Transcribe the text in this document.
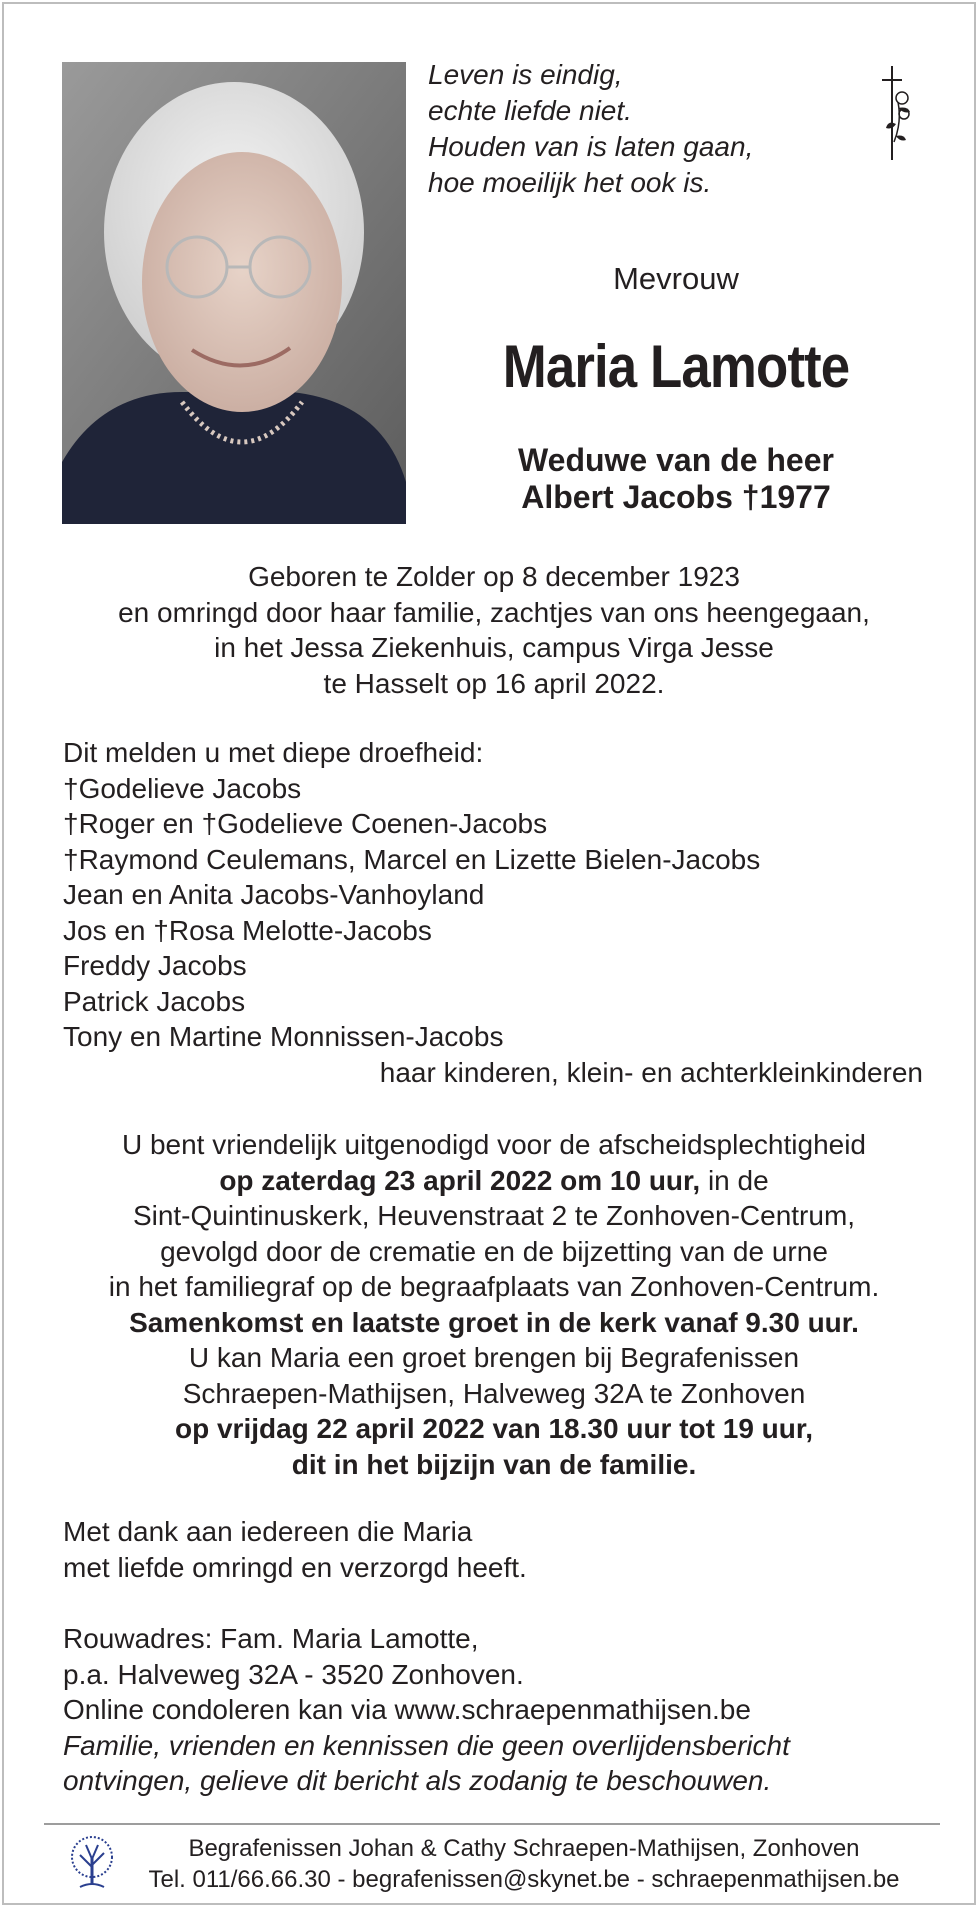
Leven is eindig,
echte liefde niet.
Houden van is laten gaan,
hoe moeilijk het ook is.
Mevrouw
Maria Lamotte
Weduwe van de heer
Albert Jacobs †1977
Geboren te Zolder op 8 december 1923
en omringd door haar familie, zachtjes van ons heengegaan,
in het Jessa Ziekenhuis, campus Virga Jesse
te Hasselt op 16 april 2022.
Dit melden u met diepe droefheid:
†Godelieve Jacobs
†Roger en †Godelieve Coenen-Jacobs
†Raymond Ceulemans, Marcel en Lizette Bielen-Jacobs
Jean en Anita Jacobs-Vanhoyland
Jos en †Rosa Melotte-Jacobs
Freddy Jacobs
Patrick Jacobs
Tony en Martine Monnissen-Jacobs
haar kinderen, klein- en achterkleinkinderen
U bent vriendelijk uitgenodigd voor de afscheidsplechtigheid
op zaterdag 23 april 2022 om 10 uur, in de
Sint-Quintinuskerk, Heuvenstraat 2 te Zonhoven-Centrum,
gevolgd door de crematie en de bijzetting van de urne
in het familiegraf op de begraafplaats van Zonhoven-Centrum.
Samenkomst en laatste groet in de kerk vanaf 9.30 uur.
U kan Maria een groet brengen bij Begrafenissen
Schraepen-Mathijsen, Halveweg 32A te Zonhoven
op vrijdag 22 april 2022 van 18.30 uur tot 19 uur,
dit in het bijzijn van de familie.
Met dank aan iedereen die Maria
met liefde omringd en verzorgd heeft.
Rouwadres: Fam. Maria Lamotte,
p.a. Halveweg 32A - 3520 Zonhoven.
Online condoleren kan via www.schraepenmathijsen.be
Familie, vrienden en kennissen die geen overlijdensbericht
ontvingen, gelieve dit bericht als zodanig te beschouwen.
Begrafenissen Johan & Cathy Schraepen-Mathijsen, Zonhoven
Tel. 011/66.66.30 - begrafenissen@skynet.be - schraepenmathijsen.be
